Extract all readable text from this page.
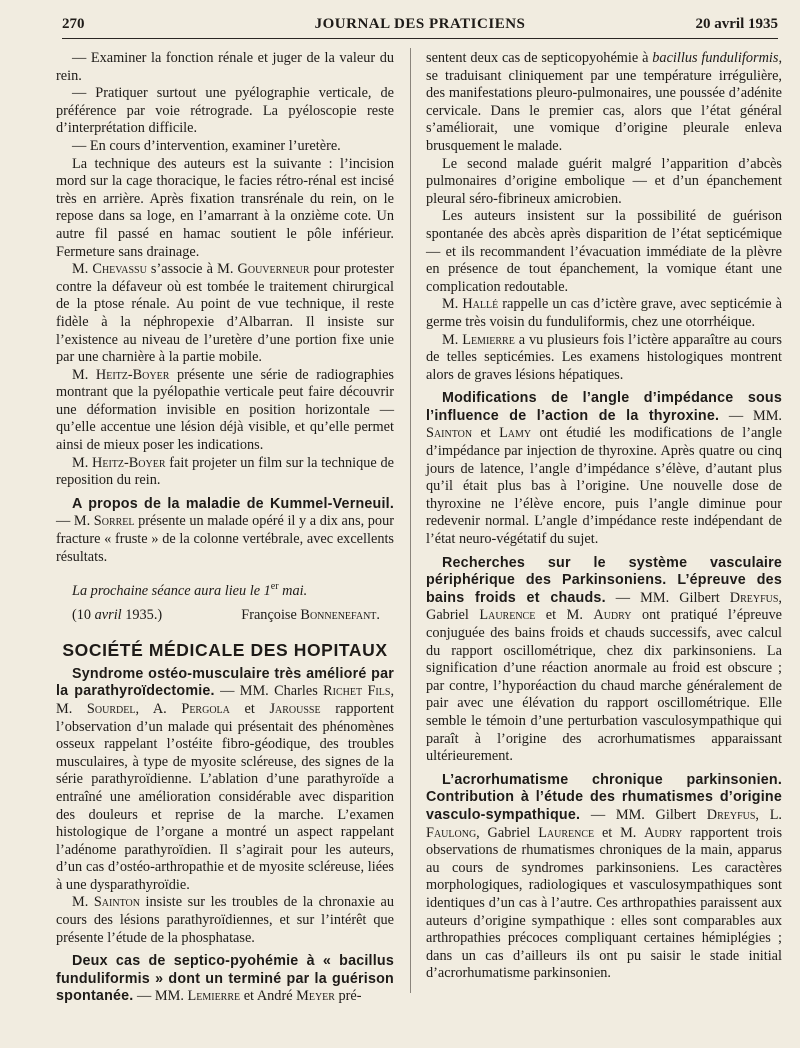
270	JOURNAL DES PRATICIENS	20 avril 1935

— Examiner la fonction rénale et juger de la valeur du rein.

— Pratiquer surtout une pyélographie verticale, de préférence par voie rétrograde. La pyéloscopie reste d’interprétation difficile.

— En cours d’intervention, examiner l’uretère.

La technique des auteurs est la suivante : l’incision mord sur la cage thoracique, le facies rétro-rénal est incisé très en arrière. Après fixation transrénale du rein, on le repose dans sa loge, en l’amarrant à la onzième cote. Un autre fil passé en hamac soutient le pôle inférieur. Fermeture sans drainage.

M. Chevassu s’associe à M. Gouverneur pour protester contre la défaveur où est tombée le traitement chirurgical de la ptose rénale. Au point de vue technique, il reste fidèle à la néphropexie d’Albarran. Il insiste sur l’existence au niveau de l’uretère d’une portion fixe unie par une charnière à la partie mobile.

M. Heitz-Boyer présente une série de radiographies montrant que la pyélopathie verticale peut faire découvrir une déformation invisible en position horizontale — qu’elle accentue une lésion déjà visible, et qu’elle permet ainsi de mieux poser les indications.

M. Heitz-Boyer fait projeter un film sur la technique de reposition du rein.

A propos de la maladie de Kummel-Verneuil. — M. Sorrel présente un malade opéré il y a dix ans, pour fracture « fruste » de la colonne vertébrale, avec excellents résultats.

La prochaine séance aura lieu le 1er mai.

(10 avril 1935.)	Françoise Bonnenefant.

SOCIÉTÉ MÉDICALE DES HOPITAUX

Syndrome ostéo-musculaire très amélioré par la parathyroïdectomie. — MM. Charles Richet Fils, M. Sourdel, A. Pergola et Jarousse rapportent l’observation d’un malade qui présentait des phénomènes osseux rappelant l’ostéite fibro-géodique, des troubles musculaires, à type de myosite scléreuse, des signes de la série parathyroïdienne. L’ablation d’une parathyroïde a entraîné une amélioration considérable avec disparition des douleurs et reprise de la marche. L’examen histologique de l’organe a montré un aspect rappelant l’adénome parathyroïdien. Il s’agirait pour les auteurs, d’un cas d’ostéo-arthropathie et de myosite scléreuse, liées à une dysparathyroïdie.

M. Sainton insiste sur les troubles de la chronaxie au cours des lésions parathyroïdiennes, et sur l’intérêt que présente l’étude de la phosphatase.

Deux cas de septico-pyohémie à « bacillus funduliformis » dont un terminé par la guérison spontanée. — MM. Lemierre et André Meyer pré-

sentent deux cas de septicopyohémie à bacillus funduliformis, se traduisant cliniquement par une température irrégulière, des manifestations pleuro-pulmonaires, une poussée d’adénite cervicale. Dans le premier cas, alors que l’état général s’améliorait, une vomique d’origine pleurale enleva brusquement le malade.

Le second malade guérit malgré l’apparition d’abcès pulmonaires d’origine embolique — et d’un épanchement pleural séro-fibrineux amicrobien.

Les auteurs insistent sur la possibilité de guérison spontanée des abcès après disparition de l’état septicémique — et ils recommandent l’évacuation immédiate de la plèvre en présence de tout épanchement, la vomique étant une complication redoutable.

M. Hallé rappelle un cas d’ictère grave, avec septicémie à germe très voisin du funduliformis, chez une otorrhéique.

M. Lemierre a vu plusieurs fois l’ictère apparaître au cours de telles septicémies. Les examens histologiques montrent alors de graves lésions hépatiques.

Modifications de l’angle d’impédance sous l’influence de l’action de la thyroxine. — MM. Sainton et Lamy ont étudié les modifications de l’angle d’impédance par injection de thyroxine. Après quatre ou cinq jours de latence, l’angle d’impédance s’élève, d’autant plus qu’il était plus bas à l’origine. Une nouvelle dose de thyroxine ne l’élève encore, puis l’angle diminue pour redevenir normal. L’angle d’impédance reste indépendant de l’état neuro-végétatif du sujet.

Recherches sur le système vasculaire périphérique des Parkinsoniens. L’épreuve des bains froids et chauds. — MM. Gilbert Dreyfus, Gabriel Laurence et M. Audry ont pratiqué l’épreuve conjuguée des bains froids et chauds successifs, avec calcul du rapport oscillométrique, chez dix parkinsoniens. La signification d’une réaction anormale au froid est obscure ; par contre, l’hyporéaction du chaud marche généralement de pair avec une élévation du rapport oscillométrique. Elle semble le témoin d’une perturbation vasculosympathique qui paraît à l’origine des acrorhumatismes apparaissant ultérieurement.

L’acrorhumatisme chronique parkinsonien. Contribution à l’étude des rhumatismes d’origine vasculo-sympathique. — MM. Gilbert Dreyfus, L. Faulong, Gabriel Laurence et M. Audry rapportent trois observations de rhumatismes chroniques de la main, apparus au cours de syndromes parkinsoniens. Les caractères morphologiques, radiologiques et vasculosympathiques sont identiques d’un cas à l’autre. Ces arthropathies paraissent aux auteurs d’origine sympathique : elles sont comparables aux arthropathies précoces compliquant certaines hémiplégies ; dans un cas d’ailleurs ils ont pu saisir le stade initial d’acrorhumatisme parkinsonien.
